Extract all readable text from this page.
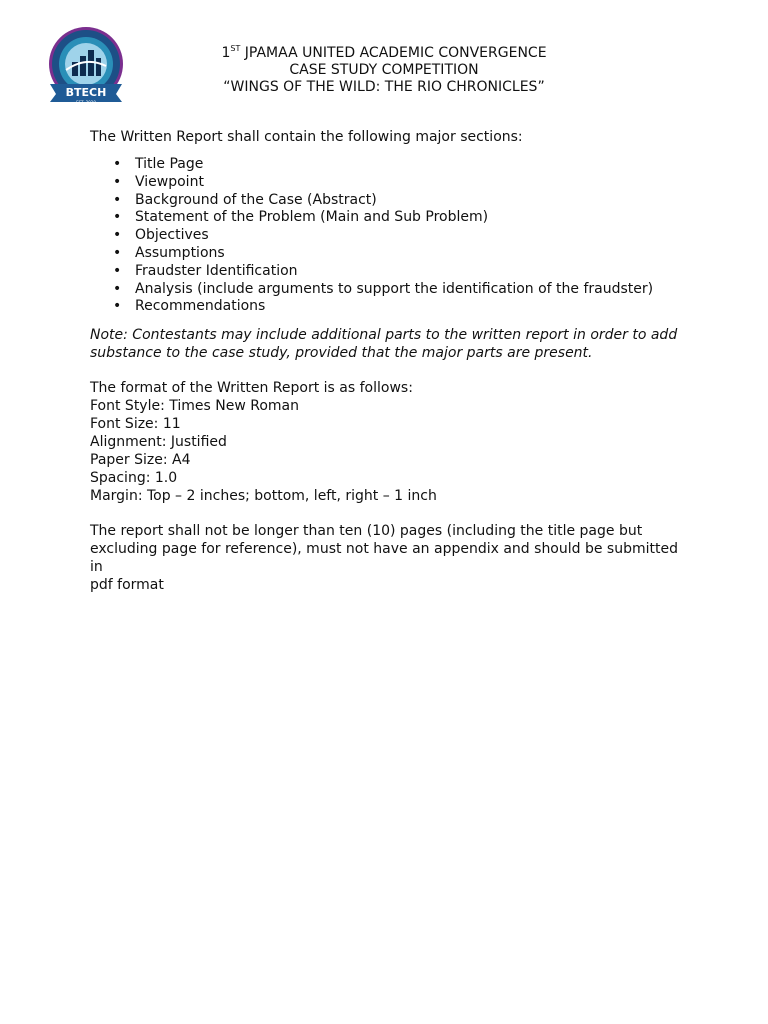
BTECH
EST. 2020
1ST JPAMAA UNITED ACADEMIC CONVERGENCE
CASE STUDY COMPETITION
“WINGS OF THE WILD: THE RIO CHRONICLES”

The Written Report shall contain the following major sections:

• Title Page
• Viewpoint
• Background of the Case (Abstract)
• Statement of the Problem (Main and Sub Problem)
• Objectives
• Assumptions
• Fraudster Identification
• Analysis (include arguments to support the identification of the fraudster)
• Recommendations

Note: Contestants may include additional parts to the written report in order to add substance to the case study, provided that the major parts are present.

The format of the Written Report is as follows:
Font Style: Times New Roman
Font Size: 11
Alignment: Justified
Paper Size: A4
Spacing: 1.0
Margin: Top – 2 inches; bottom, left, right – 1 inch
The report shall not be longer than ten (10) pages (including the title page but
excluding page for reference), must not have an appendix and should be submitted
in
pdf format
